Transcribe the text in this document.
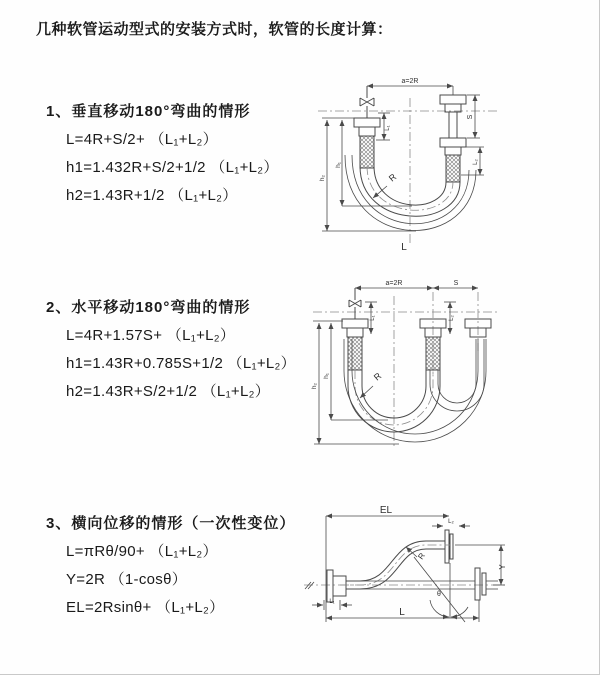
几种软管运动型式的安装方式时，软管的长度计算：
1、垂直移动180°弯曲的情形
L=4R+S/2+ （L₁+L₂）
h1=1.432R+S/2+1/2 （L₁+L₂）
h2=1.43R+1/2 （L₁+L₂）
a=2R
R
h₂
h₁
L₁
S
L₂
L
2、水平移动180°弯曲的情形
L=4R+1.57S+ （L₁+L₂）
h1=1.43R+0.785S+1/2 （L₁+L₂）
h2=1.43R+S/2+1/2 （L₁+L₂）
a=2R	S
R
h₂
h₁
L₁	L₂
3、横向位移的情形（一次性变位）
L=πRθ/90+ （L₁+L₂）
Y=2R （1-cosθ）
EL=2Rsinθ+ （L₁+L₂）
EL
L₂
R
θ
Y
L
L₁
